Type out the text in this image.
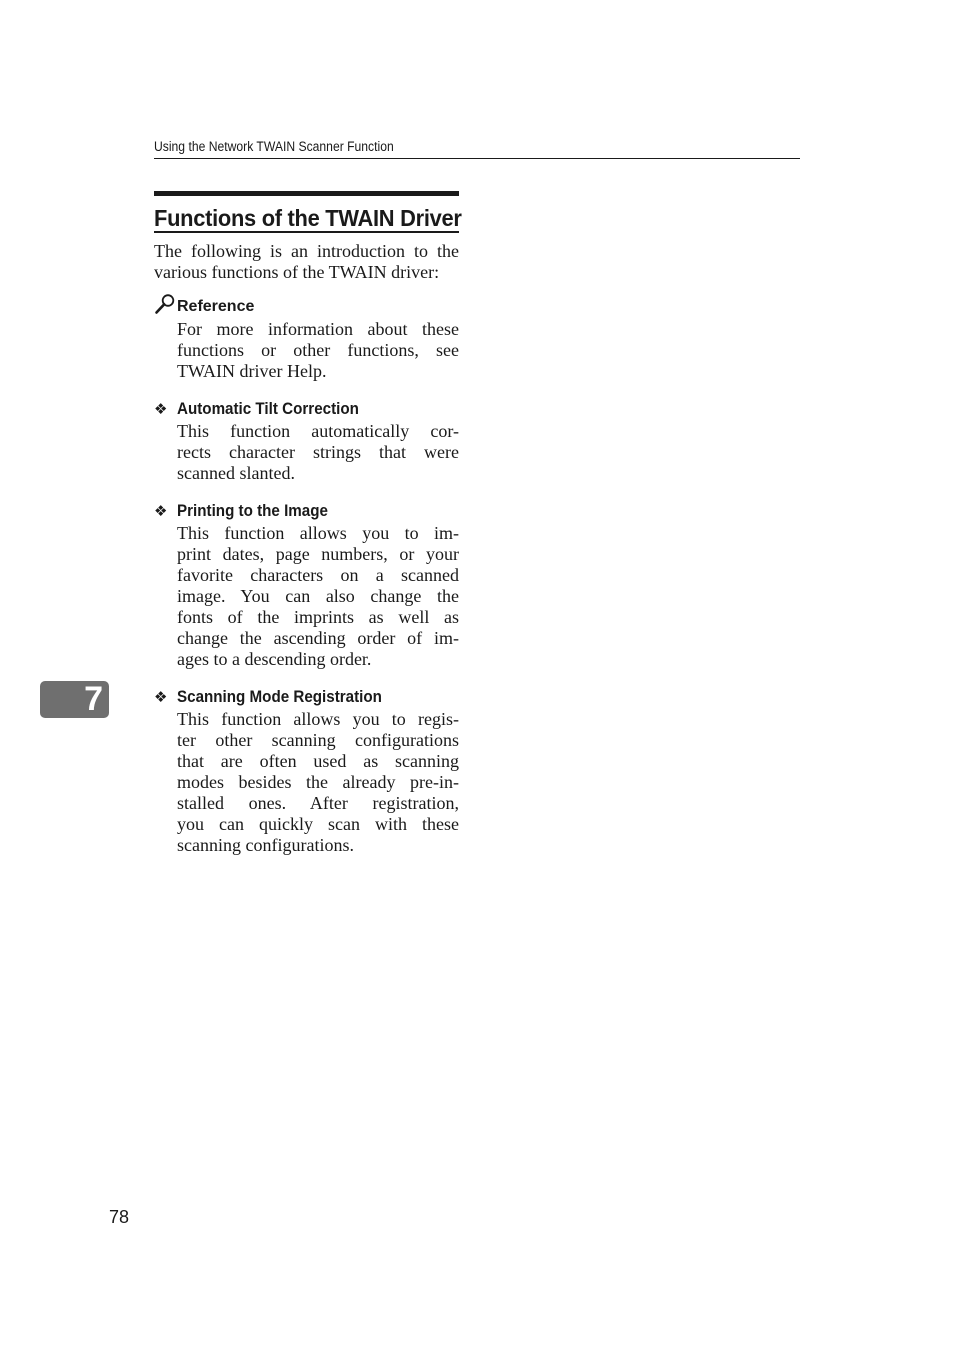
Using the Network TWAIN Scanner Function
Functions of the TWAIN Driver

The following is an introduction to the various functions of the TWAIN driver:

Reference

For more information about these functions or other functions, see TWAIN driver Help.

❖ Automatic Tilt Correction
This function automatically cor-
rects character strings that were
scanned slanted.
❖ Printing to the Image
This function allows you to im-
print dates, page numbers, or your
favorite characters on a scanned
image. You can also change the
fonts of the imprints as well as
change the ascending order of im-
ages to a descending order.
❖ Scanning Mode Registration
This function allows you to regis-
ter other scanning configurations
that are often used as scanning
modes besides the already pre-in-
stalled ones. After registration,
you can quickly scan with these
scanning configurations.
7
78
